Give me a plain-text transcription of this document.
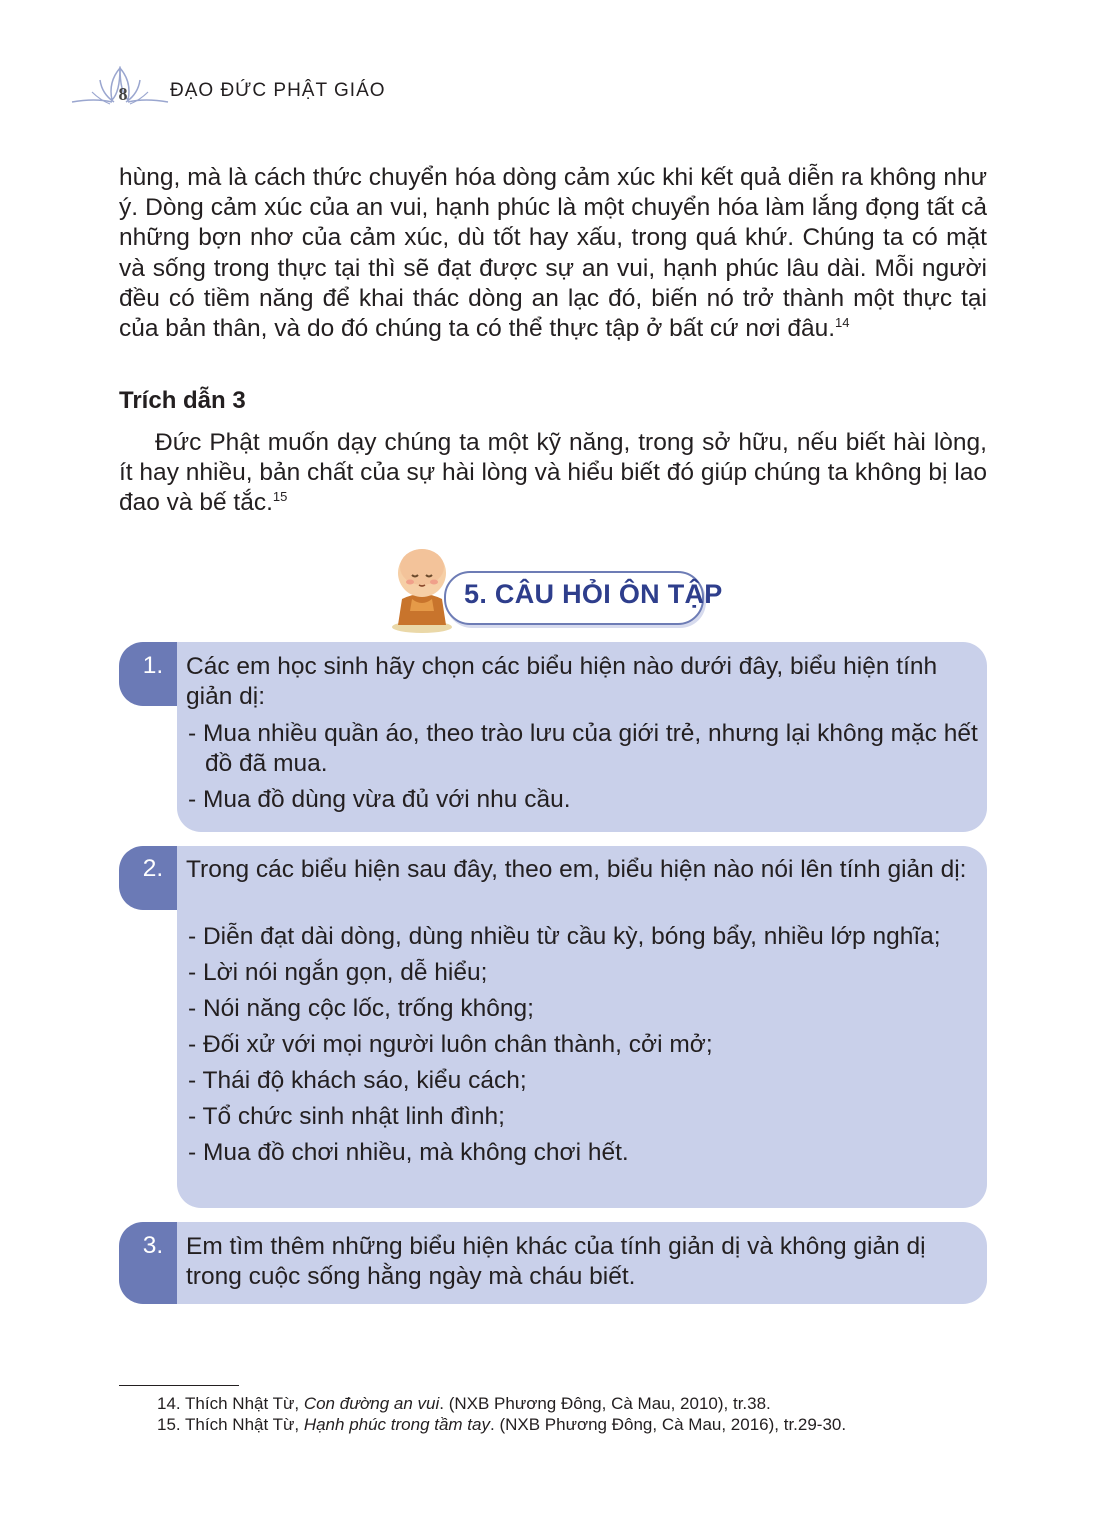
8 ĐẠO ĐỨC PHẬT GIÁO

hùng, mà là cách thức chuyển hóa dòng cảm xúc khi kết quả diễn ra không như ý. Dòng cảm xúc của an vui, hạnh phúc là một chuyển hóa làm lắng đọng tất cả những bợn nhơ của cảm xúc, dù tốt hay xấu, trong quá khứ. Chúng ta có mặt và sống trong thực tại thì sẽ đạt được sự an vui, hạnh phúc lâu dài. Mỗi người đều có tiềm năng để khai thác dòng an lạc đó, biến nó trở thành một thực tại của bản thân, và do đó chúng ta có thể thực tập ở bất cứ nơi đâu.$^{14}$

Trích dẫn 3

Đức Phật muốn dạy chúng ta một kỹ năng, trong sở hữu, nếu biết hài lòng, ít hay nhiều, bản chất của sự hài lòng và hiểu biết đó giúp chúng ta không bị lao đao và bế tắc.$^{15}$

5. CÂU HỎI ÔN TẬP
1. Các em học sinh hãy chọn các biểu hiện nào dưới đây, biểu hiện tính giản dị:

- Mua nhiều quần áo, theo trào lưu của giới trẻ, nhưng lại không mặc hết đồ đã mua.
- Mua đồ dùng vừa đủ với nhu cầu.
2. Trong các biểu hiện sau đây, theo em, biểu hiện nào nói lên tính giản dị:

- Diễn đạt dài dòng, dùng nhiều từ cầu kỳ, bóng bẩy, nhiều lớp nghĩa;
- Lời nói ngắn gọn, dễ hiểu;
- Nói năng cộc lốc, trống không;
- Đối xử với mọi người luôn chân thành, cởi mở;
- Thái độ khách sáo, kiểu cách;
- Tổ chức sinh nhật linh đình;
- Mua đồ chơi nhiều, mà không chơi hết.
3. Em tìm thêm những biểu hiện khác của tính giản dị và không giản dị trong cuộc sống hằng ngày mà cháu biết.

14. Thích Nhật Từ, Con đường an vui. (NXB Phương Đông, Cà Mau, 2010), tr.38.
15. Thích Nhật Từ, Hạnh phúc trong tầm tay. (NXB Phương Đông, Cà Mau, 2016), tr.29-30.
